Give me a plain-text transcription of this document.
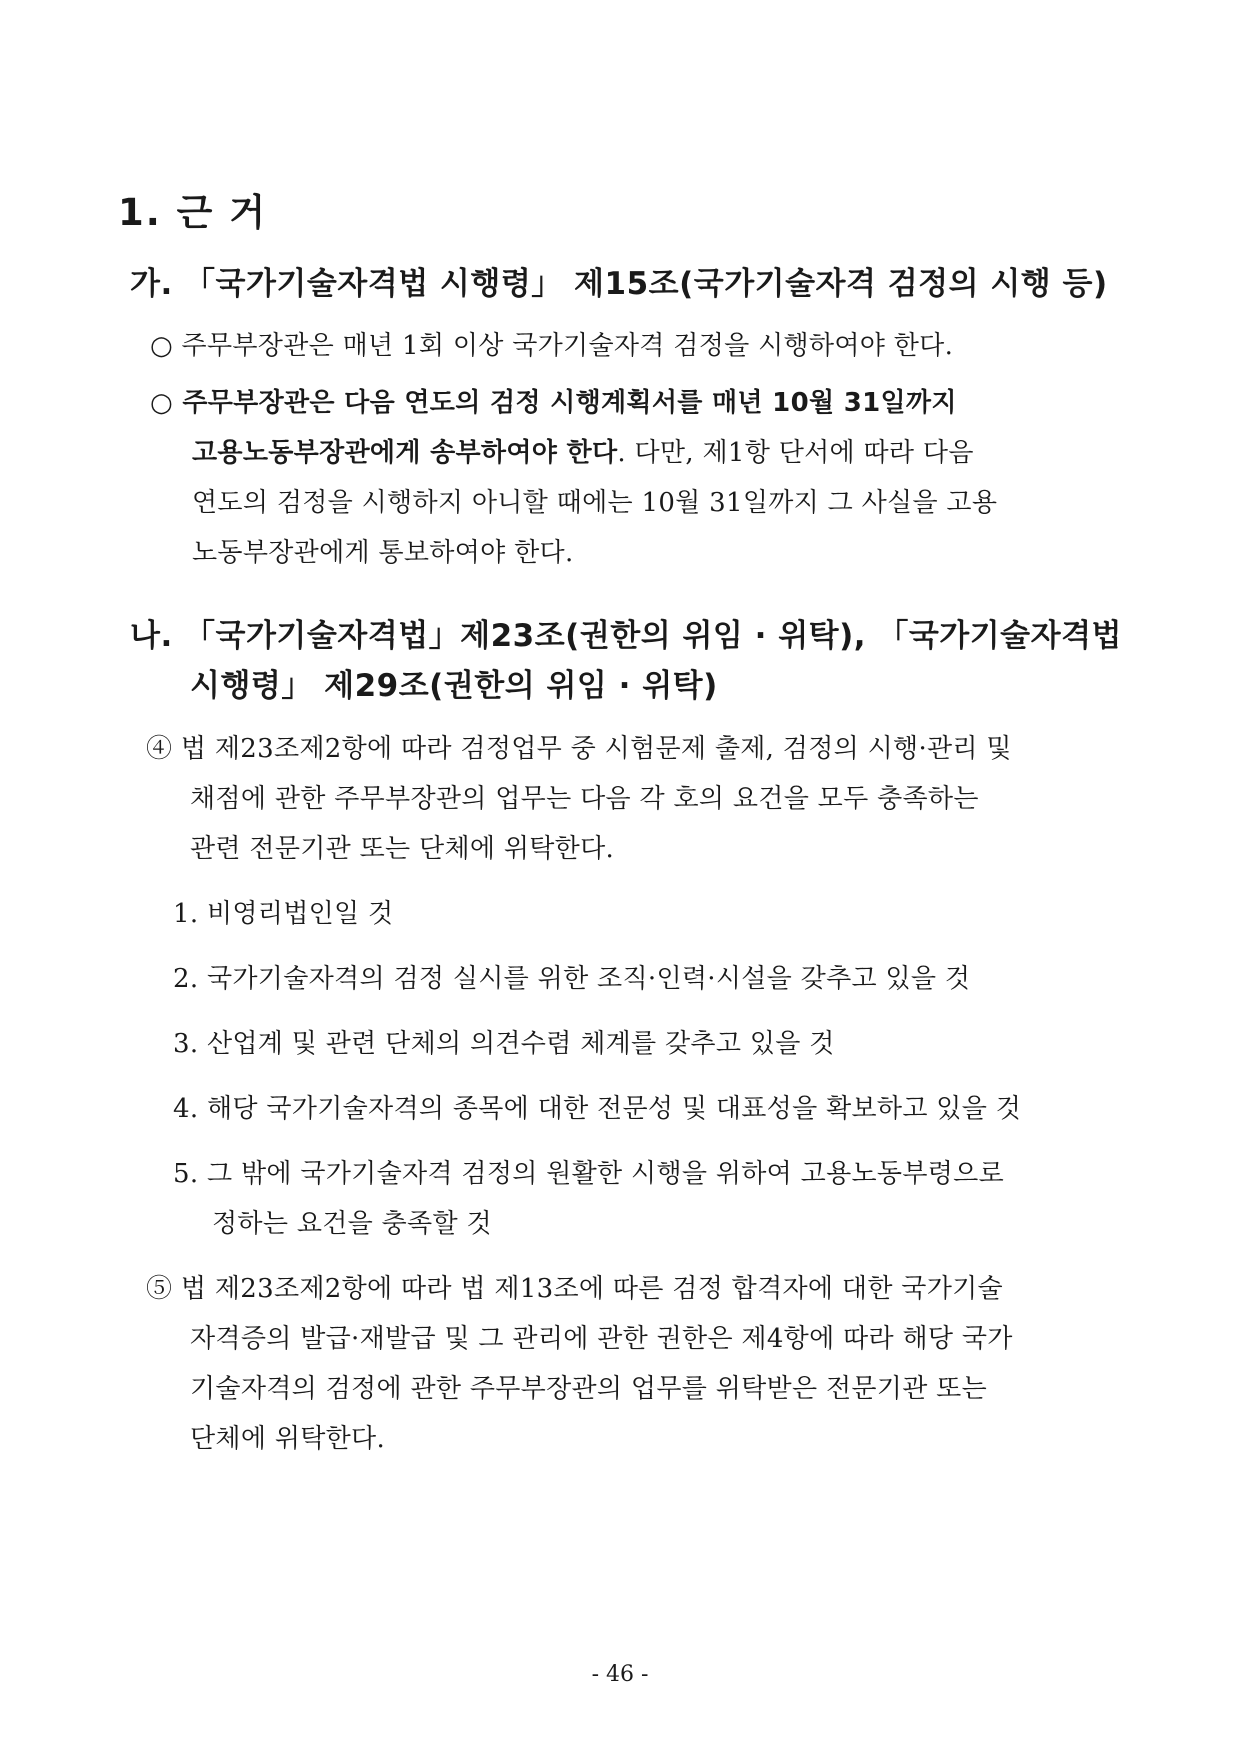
1. 근 거
가. 「국가기술자격법 시행령」 제15조(국가기술자격 검정의 시행 등)
○ 주무부장관은 매년 1회 이상 국가기술자격 검정을 시행하여야 한다.
○ 주무부장관은 다음 연도의 검정 시행계획서를 매년 10월 31일까지
고용노동부장관에게 송부하여야 한다. 다만, 제1항 단서에 따라 다음
연도의 검정을 시행하지 아니할 때에는 10월 31일까지 그 사실을 고용
노동부장관에게 통보하여야 한다.
나. 「국가기술자격법」제23조(권한의 위임 · 위탁), 「국가기술자격법
시행령」 제29조(권한의 위임 · 위탁)
④ 법 제23조제2항에 따라 검정업무 중 시험문제 출제, 검정의 시행·관리 및
채점에 관한 주무부장관의 업무는 다음 각 호의 요건을 모두 충족하는
관련 전문기관 또는 단체에 위탁한다.
1. 비영리법인일 것
2. 국가기술자격의 검정 실시를 위한 조직·인력·시설을 갖추고 있을 것
3. 산업계 및 관련 단체의 의견수렴 체계를 갖추고 있을 것
4. 해당 국가기술자격의 종목에 대한 전문성 및 대표성을 확보하고 있을 것
5. 그 밖에 국가기술자격 검정의 원활한 시행을 위하여 고용노동부령으로
정하는 요건을 충족할 것
⑤ 법 제23조제2항에 따라 법 제13조에 따른 검정 합격자에 대한 국가기술
자격증의 발급·재발급 및 그 관리에 관한 권한은 제4항에 따라 해당 국가
기술자격의 검정에 관한 주무부장관의 업무를 위탁받은 전문기관 또는
단체에 위탁한다.
- 46 -
